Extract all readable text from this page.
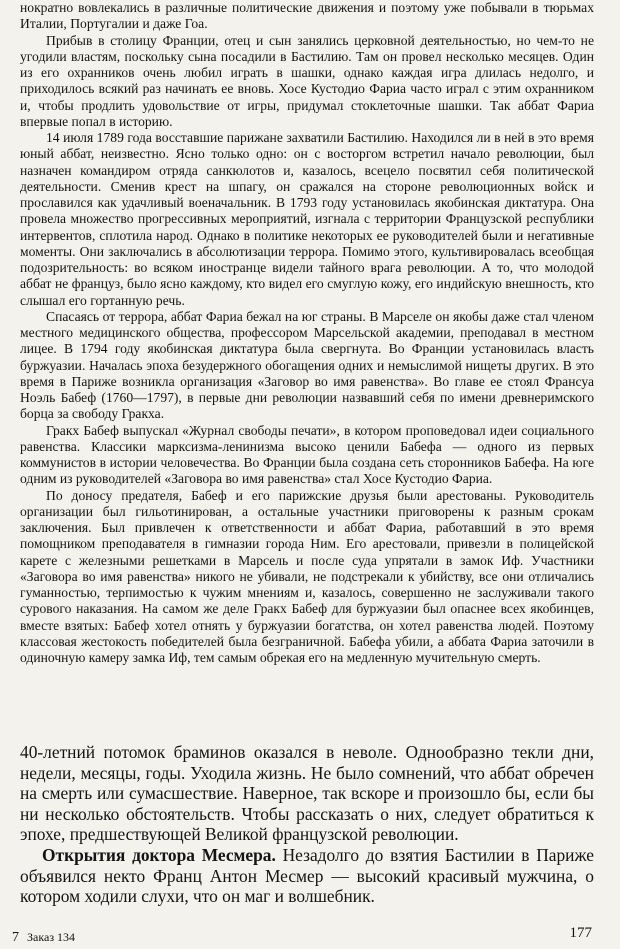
нократно вовлекались в различные политические движения и поэтому уже побывали в тюрьмах Италии, Португалии и даже Гоа.

Прибыв в столицу Франции, отец и сын занялись церковной деятельностью, но чем-то не угодили властям, поскольку сына посадили в Бастилию. Там он провел несколько месяцев. Один из его охранников очень любил играть в шашки, однако каждая игра длилась недолго, и приходилось всякий раз начинать ее вновь. Хосе Кустодио Фариа часто играл с этим охранником и, чтобы продлить удовольствие от игры, придумал стоклеточные шашки. Так аббат Фариа впервые попал в историю.

14 июля 1789 года восставшие парижане захватили Бастилию. Находился ли в ней в это время юный аббат, неизвестно. Ясно только одно: он с восторгом встретил начало революции, был назначен командиром отряда санкюлотов и, казалось, всецело посвятил себя политической деятельности. Сменив крест на шпагу, он сражался на стороне революционных войск и прославился как удачливый военачальник. В 1793 году установилась якобинская диктатура. Она провела множество прогрессивных мероприятий, изгнала с территории Французской республики интервентов, сплотила народ. Однако в политике некоторых ее руководителей были и негативные моменты. Они заключались в абсолютизации террора. Помимо этого, культивировалась всеобщая подозрительность: во всяком иностранце видели тайного врага революции. А то, что молодой аббат не француз, было ясно каждому, кто видел его смуглую кожу, его индийскую внешность, кто слышал его гортанную речь.

Спасаясь от террора, аббат Фариа бежал на юг страны. В Марселе он якобы даже стал членом местного медицинского общества, профессором Марсельской академии, преподавал в местном лицее. В 1794 году якобинская диктатура была свергнута. Во Франции установилась власть буржуазии. Началась эпоха безудержного обогащения одних и немыслимой нищеты других. В это время в Париже возникла организация «Заговор во имя равенства». Во главе ее стоял Франсуа Ноэль Бабеф (1760—1797), в первые дни революции назвавший себя по имени древнеримского борца за свободу Гракха.

Гракх Бабеф выпускал «Журнал свободы печати», в котором проповедовал идеи социального равенства. Классики марксизма-ленинизма высоко ценили Бабефа — одного из первых коммунистов в истории человечества. Во Франции была создана сеть сторонников Бабефа. На юге одним из руководителей «Заговора во имя равенства» стал Хосе Кустодио Фариа.

По доносу предателя, Бабеф и его парижские друзья были арестованы. Руководитель организации был гильотинирован, а остальные участники приговорены к разным срокам заключения. Был привлечен к ответственности и аббат Фариа, работавший в это время помощником преподавателя в гимназии города Ним. Его арестовали, привезли в полицейской карете с железными решетками в Марсель и после суда упрятали в замок Иф. Участники «Заговора во имя равенства» никого не убивали, не подстрекали к убийству, все они отличались гуманностью, терпимостью к чужим мнениям и, казалось, совершенно не заслуживали такого сурового наказания. На самом же деле Гракх Бабеф для буржуазии был опаснее всех якобинцев, вместе взятых: Бабеф хотел отнять у буржуазии богатства, он хотел равенства людей. Поэтому классовая жестокость победителей была безграничной. Бабефа убили, а аббата Фариа заточили в одиночную камеру замка Иф, тем самым обрекая его на медленную мучительную смерть.

40-летний потомок браминов оказался в неволе. Однообразно текли дни, недели, месяцы, годы. Уходила жизнь. Не было сомнений, что аббат обречен на смерть или сумасшествие. Наверное, так вскоре и произошло бы, если бы ни несколько обстоятельств. Чтобы рассказать о них, следует обратиться к эпохе, предшествующей Великой французской революции.

Открытия доктора Месмера. Незадолго до взятия Бастилии в Париже объявился некто Франц Антон Месмер — высокий красивый мужчина, о котором ходили слухи, что он маг и волшебник.

7 Заказ 134	177
